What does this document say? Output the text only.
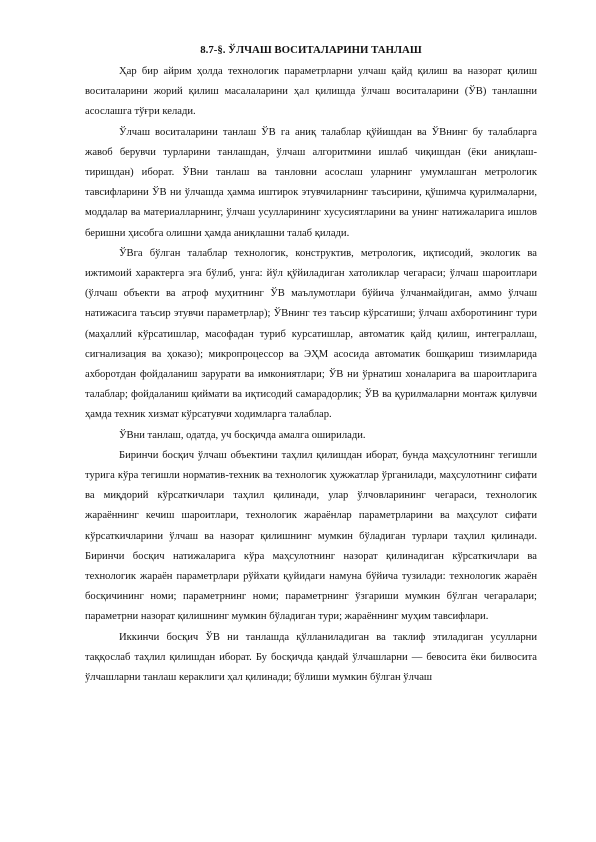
8.7-§. ЎЛЧАШ ВОСИТАЛАРИНИ ТАНЛАШ

Ҳар бир айрим ҳолда технологик параметрларни улчаш қайд қилиш ва назорат қилиш воситаларини жорий қилиш масалаларини ҳал қилишда ўлчаш воситаларини (ЎВ) танлашни асослашга тўғри келади.

Ўлчаш воситаларини танлаш ЎВ га аниқ талаблар қўйишдан ва ЎВнинг бу талабларга жавоб берувчи турларини танлашдан, ўлчаш алгоритмини ишлаб чиқишдан (ёки аниқлаш-тиришдан) иборат. ЎВни танлаш ва танловни асослаш уларнинг умумлашган метрологик тавсифларини ЎВ ни ўлчашда ҳамма иштирок этувчиларнинг таъсирини, қўшимча қурилмаларни, моддалар ва материалларнинг, ўлчаш усулларининг хусусиятларини ва унинг натижаларига ишлов беришни ҳисобга олишни ҳамда аниқлашни талаб қилади.

ЎВга бўлган талаблар технологик, конструктив, метрологик, иқтисодий, экологик ва ижтимоий характерга эга бўлиб, унга: йўл қўйиладиган хатоликлар чегараси; ўлчаш шароитлари (ўлчаш объекти ва атроф муҳитнинг ЎВ маълумотлари бўйича ўлчанмайдиган, аммо ўлчаш натижасига таъсир этувчи параметрлар); ЎВнинг тез таъсир кўрсатиши; ўлчаш ахборотининг тури (маҳаллий кўрсатишлар, масофадан туриб курсатишлар, автоматик қайд қилиш, интеграллаш, сигнализация ва ҳоказо); микропроцессор ва ЭҲМ асосида автоматик бошқариш тизимларида ахборотдан фойдаланиш зарурати ва имкониятлари; ЎВ ни ўрнатиш хоналарига ва шароитларига талаблар; фойдаланиш қиймати ва иқтисодий самарадорлик; ЎВ ва қурилмаларни монтаж қилувчи ҳамда техник хизмат кўрсатувчи ходимларга талаблар.

ЎВни танлаш, одатда, уч босқичда амалга оширилади.

Биринчи босқич ўлчаш объектини таҳлил қилишдан иборат, бунда маҳсулотнинг тегишли турига кўра тегишли норматив-техник ва технологик ҳужжатлар ўрганилади, маҳсулотнинг сифати ва миқдорий кўрсаткичлари таҳлил қилинади, улар ўлчовларининг чегараси, технологик жараённинг кечиш шароитлари, технологик жараёнлар параметрларини ва маҳсулот сифати кўрсаткичларини ўлчаш ва назорат қилишнинг мумкин бўладиган турлари таҳлил қилинади. Биринчи босқич натижаларига кўра маҳсулотнинг назорат қилинадиган кўрсаткичлари ва технологик жараён параметрлари рўйхати қуйидаги намуна бўйича тузилади: технологик жараён босқичининг номи; параметрнинг номи; параметрнинг ўзгариши мумкин бўлган чегаралари; параметрни назорат қилишнинг мумкин бўладиган тури; жараённинг муҳим тавсифлари.

Иккинчи босқич ЎВ ни танлашда қўлланиладиган ва таклиф этиладиган усулларни таққослаб таҳлил қилишдан иборат. Бу босқичда қандай ўлчашларни — бевосита ёки билвосита ўлчашларни танлаш кераклиги ҳал қилинади; бўлиши мумкин бўлган ўлчаш
